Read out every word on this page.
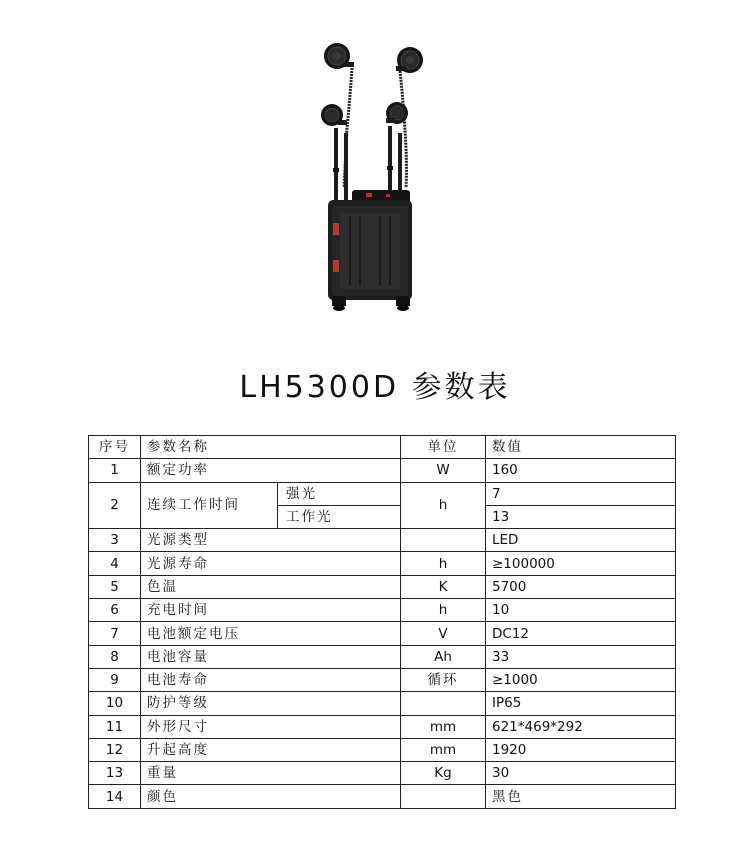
LH5300D 参数表
序号	参数名称		单位	数值
1	额定功率		W	160
2	连续工作时间	强光	h	7
		工作光		13
3	光源类型			LED
4	光源寿命		h	≥100000
5	色温		K	5700
6	充电时间		h	10
7	电池额定电压		V	DC12
8	电池容量		Ah	33
9	电池寿命		循环	≥1000
10	防护等级			IP65
11	外形尺寸		mm	621*469*292
12	升起高度		mm	1920
13	重量		Kg	30
14	颜色			黑色
